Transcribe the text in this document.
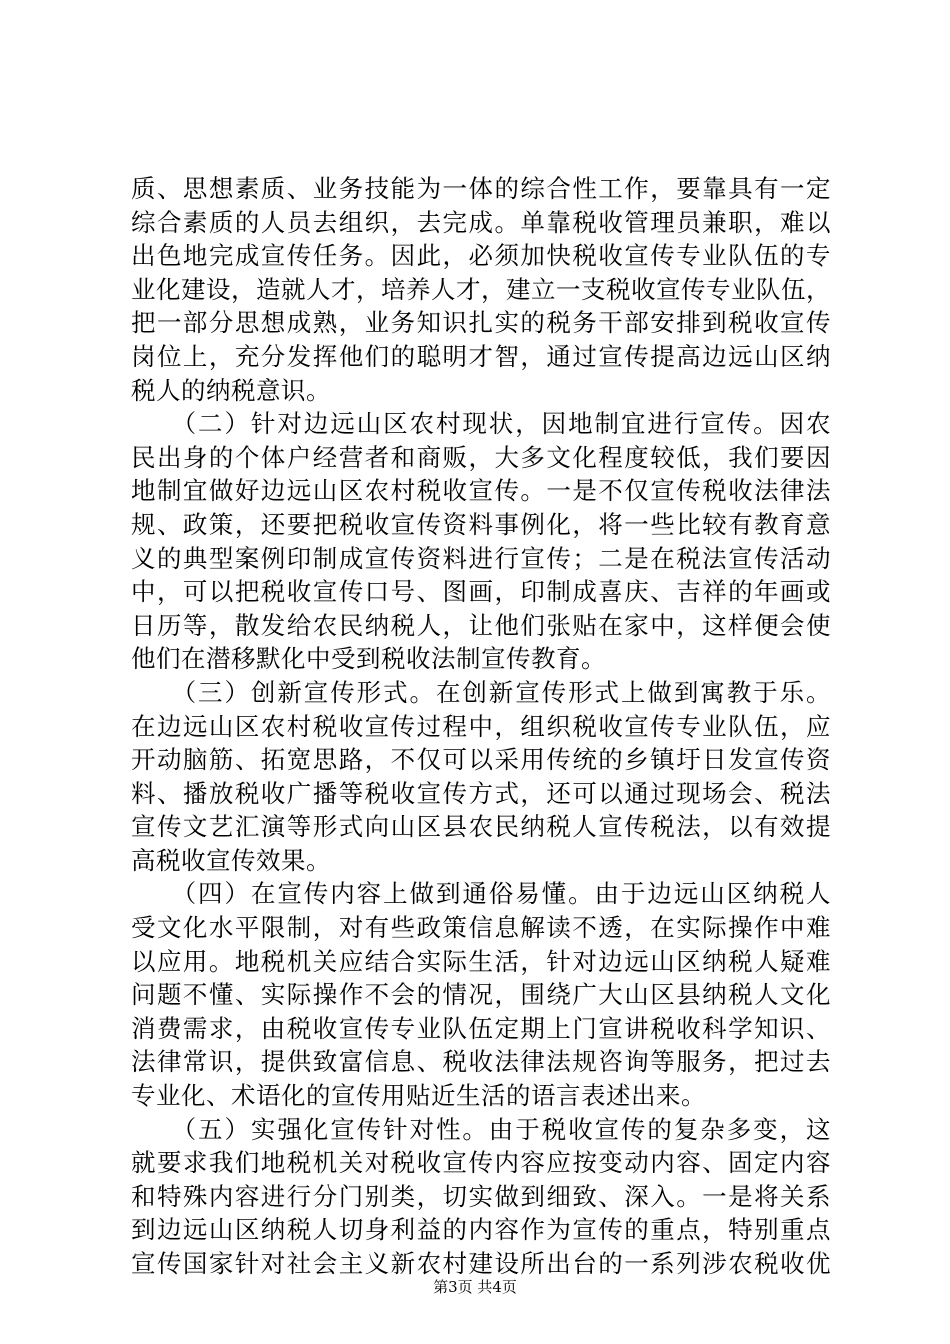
质、思想素质、业务技能为一体的综合性工作，要靠具有一定
综合素质的人员去组织，去完成。单靠税收管理员兼职，难以
出色地完成宣传任务。因此，必须加快税收宣传专业队伍的专
业化建设，造就人才，培养人才，建立一支税收宣传专业队伍，
把一部分思想成熟，业务知识扎实的税务干部安排到税收宣传
岗位上，充分发挥他们的聪明才智，通过宣传提高边远山区纳
税人的纳税意识。
　　（二）针对边远山区农村现状，因地制宜进行宣传。因农
民出身的个体户经营者和商贩，大多文化程度较低，我们要因
地制宜做好边远山区农村税收宣传。一是不仅宣传税收法律法
规、政策，还要把税收宣传资料事例化，将一些比较有教育意
义的典型案例印制成宣传资料进行宣传；二是在税法宣传活动
中，可以把税收宣传口号、图画，印制成喜庆、吉祥的年画或
日历等，散发给农民纳税人，让他们张贴在家中，这样便会使
他们在潜移默化中受到税收法制宣传教育。
　　（三）创新宣传形式。在创新宣传形式上做到寓教于乐。
在边远山区农村税收宣传过程中，组织税收宣传专业队伍，应
开动脑筋、拓宽思路，不仅可以采用传统的乡镇圩日发宣传资
料、播放税收广播等税收宣传方式，还可以通过现场会、税法
宣传文艺汇演等形式向山区县农民纳税人宣传税法，以有效提
高税收宣传效果。
　　（四）在宣传内容上做到通俗易懂。由于边远山区纳税人
受文化水平限制，对有些政策信息解读不透，在实际操作中难
以应用。地税机关应结合实际生活，针对边远山区纳税人疑难
问题不懂、实际操作不会的情况，围绕广大山区县纳税人文化
消费需求，由税收宣传专业队伍定期上门宣讲税收科学知识、
法律常识，提供致富信息、税收法律法规咨询等服务，把过去
专业化、术语化的宣传用贴近生活的语言表述出来。
　　（五）实强化宣传针对性。由于税收宣传的复杂多变，这
就要求我们地税机关对税收宣传内容应按变动内容、固定内容
和特殊内容进行分门别类，切实做到细致、深入。一是将关系
到边远山区纳税人切身利益的内容作为宣传的重点，特别重点
宣传国家针对社会主义新农村建设所出台的一系列涉农税收优
第3页 共4页
